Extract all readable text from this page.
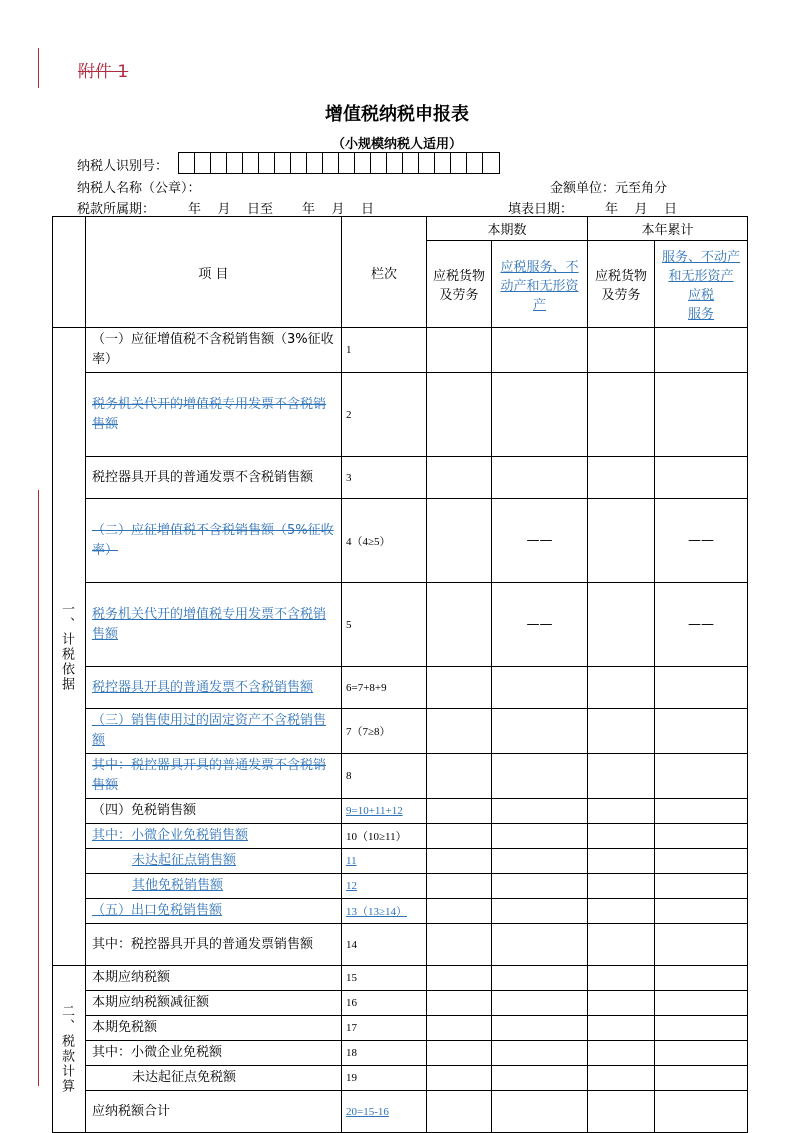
附件 1
增值税纳税申报表
（小规模纳税人适用）
纳税人识别号：
纳税人名称（公章）：	金额单位：元至角分
税款所属期：	年    月    日至       年    月    日	填表日期： 年    月    日
	项 目	栏次	本期数		本年累计	
			应税货物及劳务	应税服务、不动产和无形资产	应税货物及劳务	服务、不动产和无形资产
应税
服务

一、计税依据	（一）应征增值税不含税销售额（3%征收率）	1				
	税务机关代开的增值税专用发票不含税销售额	2				
	税控器具开具的普通发票不含税销售额	3				
	（二）应征增值税不含税销售额（5%征收率）	4（4≥5）		——		——
	税务机关代开的增值税专用发票不含税销售额	5		——		——
	税控器具开具的普通发票不含税销售额	6=7+8+9				
	（三）销售使用过的固定资产不含税销售额	7（7≥8）				
	其中：税控器具开具的普通发票不含税销售额	8				
	（四）免税销售额	9=10+11+12				
	其中：小微企业免税销售额	10（10≥11）				
	未达起征点销售额	11				
	其他免税销售额	12				
	（五）出口免税销售额	13（13≥14）				
	其中：税控器具开具的普通发票销售额	14				

二、税款计算	本期应纳税额	15				
	本期应纳税额减征额	16				
	本期免税额	17				
	其中：小微企业免税额	18				
	未达起征点免税额	19				
	应纳税额合计	20=15-16				
